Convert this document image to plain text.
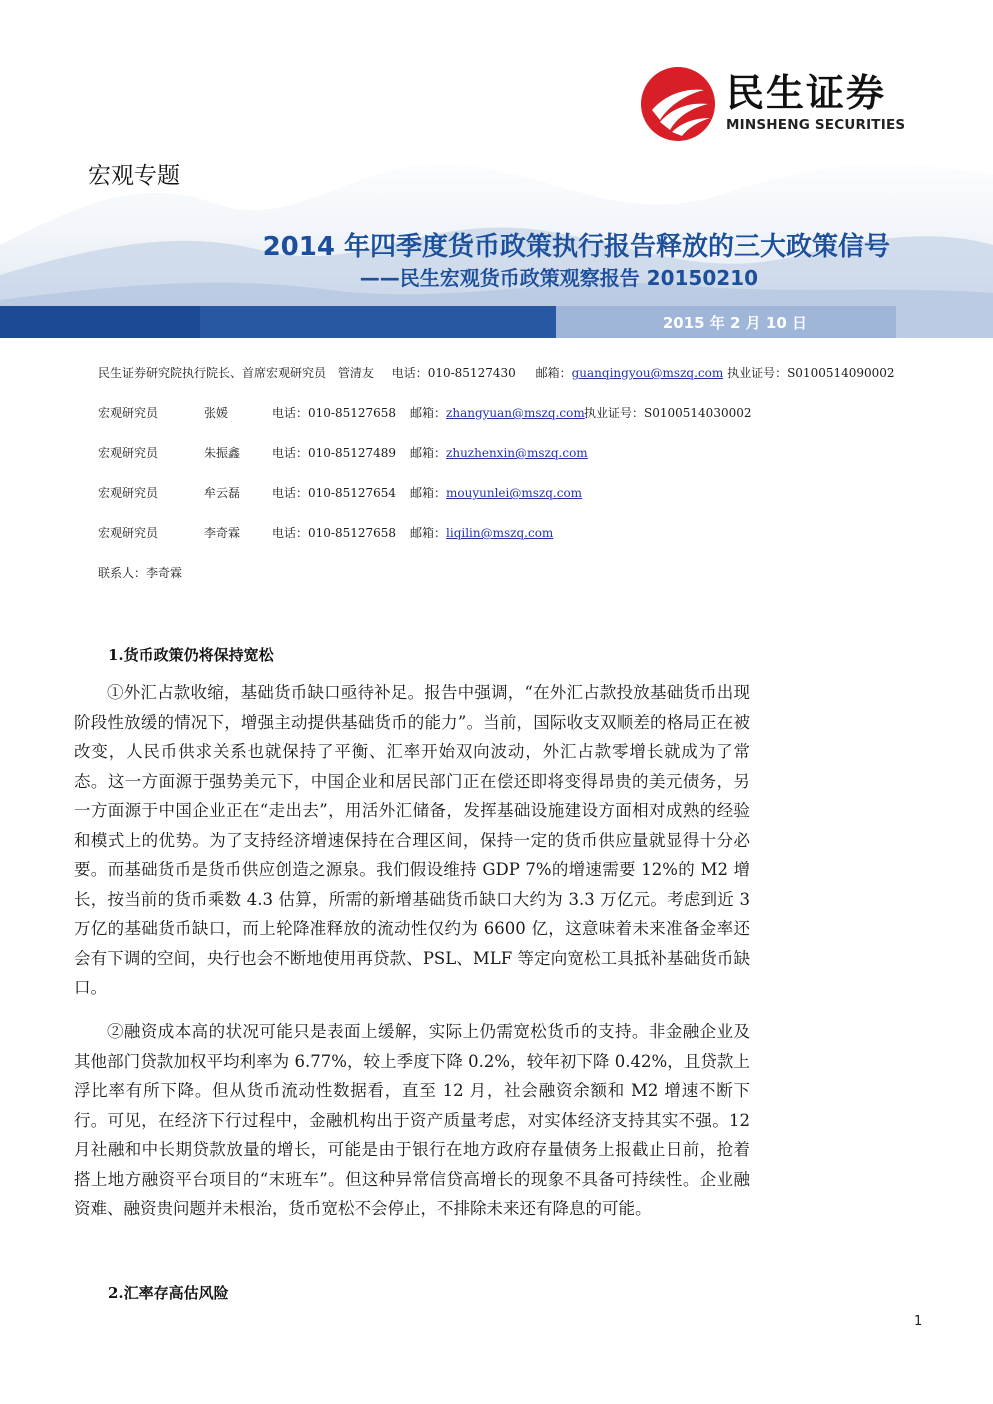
民生证券
MINSHENG SECURITIES
宏观专题
2014 年四季度货币政策执行报告释放的三大政策信号
——民生宏观货币政策观察报告 20150210
2015 年 2 月 10 日
民生证券研究院执行院长、首席宏观研究员 管清友 电话：010-85127430 邮箱：guanqingyou@mszq.com 执业证号：S0100514090002
宏观研究员	张媛	电话：010-85127658 邮箱：zhangyuan@mszq.com执业证号：S0100514030002
宏观研究员	朱振鑫	电话：010-85127489 邮箱：zhuzhenxin@mszq.com
宏观研究员	牟云磊	电话：010-85127654 邮箱：mouyunlei@mszq.com
宏观研究员	李奇霖	电话：010-85127658 邮箱：liqilin@mszq.com
联系人：李奇霖
1.货币政策仍将保持宽松
①外汇占款收缩，基础货币缺口亟待补足。报告中强调，“在外汇占款投放基础货币出现阶段性放缓的情况下，增强主动提供基础货币的能力”。当前，国际收支双顺差的格局正在被改变，人民币供求关系也就保持了平衡、汇率开始双向波动，外汇占款零增长就成为了常态。这一方面源于强势美元下，中国企业和居民部门正在偿还即将变得昂贵的美元债务，另一方面源于中国企业正在“走出去”，用活外汇储备，发挥基础设施建设方面相对成熟的经验和模式上的优势。为了支持经济增速保持在合理区间，保持一定的货币供应量就显得十分必要。而基础货币是货币供应创造之源泉。我们假设维持 GDP 7%的增速需要 12%的 M2 增长，按当前的货币乘数 4.3 估算，所需的新增基础货币缺口大约为 3.3 万亿元。考虑到近 3 万亿的基础货币缺口，而上轮降准释放的流动性仅约为 6600 亿，这意味着未来准备金率还会有下调的空间，央行也会不断地使用再贷款、PSL、MLF 等定向宽松工具抵补基础货币缺口。
②融资成本高的状况可能只是表面上缓解，实际上仍需宽松货币的支持。非金融企业及其他部门贷款加权平均利率为 6.77%，较上季度下降 0.2%，较年初下降 0.42%，且贷款上浮比率有所下降。但从货币流动性数据看，直至 12 月，社会融资余额和 M2 增速不断下行。可见，在经济下行过程中，金融机构出于资产质量考虑，对实体经济支持其实不强。12 月社融和中长期贷款放量的增长，可能是由于银行在地方政府存量债务上报截止日前，抢着搭上地方融资平台项目的“末班车”。但这种异常信贷高增长的现象不具备可持续性。企业融资难、融资贵问题并未根治，货币宽松不会停止，不排除未来还有降息的可能。
2.汇率存高估风险
1
